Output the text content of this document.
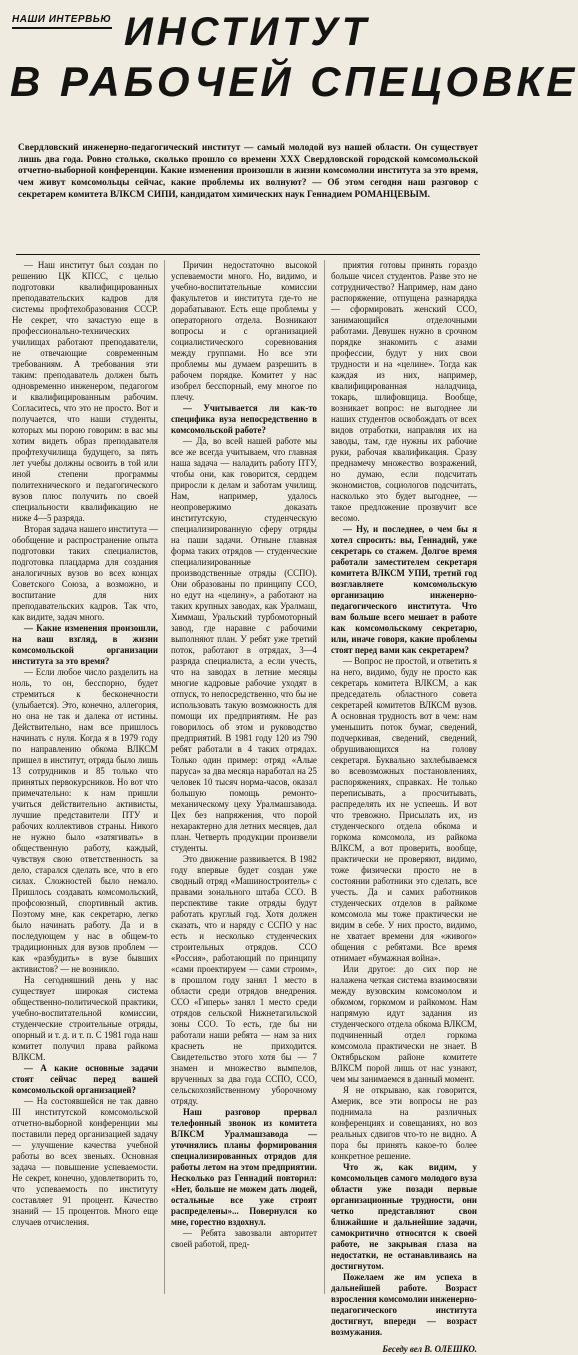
НАШИ ИНТЕРВЬЮ ИНСТИТУТ
В РАБОЧЕЙ СПЕЦОВКЕ

Свердловский инженерно-педагогический институт — самый молодой вуз нашей области. Он существует лишь два года. Ровно столько, сколько прошло со времени XXX Свердловской городской комсомольской отчетно-выборной конференции. Какие изменения произошли в жизни комсомолии института за это время, чем живут комсомольцы сейчас, какие проблемы их волнуют? — Об этом сегодня наш разговор с секретарем комитета ВЛКСМ СИПИ, кандидатом химических наук Геннадием РОМАНЦЕВЫМ.

— Наш институт был создан по решению ЦК КПСС, с целью подготовки квалифицированных преподавательских кадров для системы профтехобразования СССР. Не секрет, что зачастую еще в профессионально-технических училищах работают преподаватели, не отвечающие современным требованиям. А требования эти таким: преподаватель должен быть одновременно инженером, педагогом и квалифицированным рабочим. Согласитесь, что это не просто. Вот и получается, что наши студенты, которых мы порою говорим: в вас мы хотим видеть образ преподавателя профтехучилища будущего, за пять лет учебы должны освоить в той или иной степени программы политехнического и педагогического вузов плюс получить по своей специальности квалификацию не ниже 4—5 разряда.

Вторая задача нашего института — обобщение и распространение опыта подготовки таких специалистов, подготовка плацдарма для создания аналогичных вузов во всех концах Советского Союза, а возможно, и воспитание для них преподавательских кадров. Так что, как видите, задач много.

— Какие изменения произошли, на ваш взгляд, в жизни комсомольской организации института за это время?

— Если любое число разделить на ноль, то он, бесспорно, будет стремиться к бесконечности (улыбается). Это, конечно, аллегория, но она не так и далека от истины. Действительно, нам все пришлось начинать с нуля. Когда я в 1979 году по направлению обкома ВЛКСМ пришел в институт, отряда было лишь 13 сотрудников и 85 только что принятых первокурсников. Но вот что примечательно: к нам пришли учиться действительно активисты, лучшие представители ПТУ и рабочих коллективов страны. Никого не нужно было «затягивать» в общественную работу, каждый, чувствуя свою ответственность за дело, старался сделать все, что в его силах. Сложностей было немало. Пришлось создавать комсомольский, профсоюзный, спортивный актив. Поэтому мне, как секретарю, легко было начинать работу. Да и в последующем у нас в общем-то традиционных для вузов проблем — как «разбудить» в вузе бывших активистов? — не возникло.

На сегодняшний день у нас существует широкая система общественно-политической практики, учебно-воспитательной комиссии, студенческие строительные отряды, опорный и т. д. и т. п. С 1981 года наш комитет получил права райкома ВЛКСМ.

— А какие основные задачи стоят сейчас перед вашей комсомольской организацией?

— На состоявшейся не так давно III институтской комсомольской отчетно-выборной конференции мы поставили перед организацией задачу — улучшение качества учебной работы во всех звеньях. Основная задача — повышение успеваемости. Не секрет, конечно, удовлетворить то, что успеваемость по институту составляет 91 процент. Качество знаний — 15 процентов. Много еще случаев отчисления.

Причин недостаточно высокой успеваемости много. Но, видимо, и учебно-воспитательные комиссии факультетов и института где-то не дорабатывают. Есть еще проблемы у операторного отдела. Возникают вопросы и с организацией социалистического соревнования между группами. Но все эти проблемы мы думаем разрешить в рабочем порядке. Комитет у нас изобрел бесспорный, ему многое по плечу.

— Учитывается ли как-то специфика вуза непосредственно в комсомольской работе?

— Да, во всей нашей работе мы все же всегда учитываем, что главная наша задача — наладить работу ПТУ, чтобы они, как говорится, сердцем приросли к делам и заботам училищ. Нам, например, удалось неопровержимо доказать институтскую, студенческую специализированную сферу отряды на паши задачи. Отныне главная форма таких отрядов — студенческие специализированные производственные отряды (ССПО). Они образованы по принципу ССО, но едут на «целину», а работают на таких крупных заводах, как Уралмаш, Химмаш, Уральский турбомоторный завод, где наравне с рабочими выполняют план. У ребят уже третий поток, работают в отрядах, 3—4 разряда специалиста, а если учесть, что на заводах в летние месяцы многие кадровые рабочие уходят в отпуск, то непосредственно, что бы не использовать такую возможность для помощи их предприятиям. Не раз говорилось об этом и руководство предприятий. В 1981 году 120 из 790 ребят работали в 4 таких отрядах. Только один пример: отряд «Алые паруса» за два месяца наработал на 25 человек 10 тысяч норма-часов, оказал большую помощь ремонто-механическому цеху Уралмашзавода. Цех без напряжения, что порой нехарактерно для летних месяцев, дал план. Четверть продукции произвели студенты.

Это движение развивается. В 1982 году впервые будет создан уже сводный отряд «Машиностроитель» с правами зонального штаба ССО. В перспективе такие отряды будут работать круглый год. Хотя должен сказать, что и наряду с ССПО у нас есть и несколько студенческих строительных отрядов. ССО «Россия», работающий по принципу «сами проектируем — сами строим», в прошлом году занял 1 место в области среди отрядов внедрения. ССО «Гиперь» занял 1 место среди отрядов сельской Нижнетагильской зоны ССО. То есть, где бы ни работали наши ребята — нам за них краснеть не приходится. Свидетельство этого хотя бы — 7 знамен и множество вымпелов, врученных за два года ССПО, ССО, сельскохозяйственному уборочному отряду.

Наш разговор прервал телефонный звонок из комитета ВЛКСМ Уралмашзавода — уточнялись планы формирования специализированных отрядов для работы летом на этом предприятии. Несколько раз Геннадий повторил: «Нет, больше не можем дать людей, остальные все уже строят распределены»... Повернулся ко мне, горестно вздохнул.

— Ребята завозвали авторитет своей работой, пред-

приятия готовы принять гораздо больше чисел студентов. Разве это не сотрудничество? Например, нам дано распоряжение, отпущена разнарядка — сформировать женский ССО, занимающийся отделочными работами. Девушек нужно в срочном порядке знакомить с азами профессии, будут у них свои трудности и на «целине». Тогда как каждая из них, например, квалифицированная наладчица, токарь, шлифовщица. Вообще, возникает вопрос: не выгоднее ли наших студентов освобождать от всех видов отработки, направляя их на заводы, там, где нужны их рабочие руки, рабочая квалификация. Сразу преднамечу множество возражений, но думаю, если подсчитать экономистов, социологов подсчитать, насколько это будет выгоднее, — такое предложение прозвучит все весомо.

— Ну, и последнее, о чем бы я хотел спросить: вы, Геннадий, уже секретарь со стажем. Долгое время работали заместителем секретаря комитета ВЛКСМ УПИ, третий год возглавляете комсомольскую организацию инженерно-педагогического института. Что вам больше всего мешает в работе как комсомольскому секретарю, или, иначе говоря, какие проблемы стоят перед вами как секретарем?

— Вопрос не простой, и ответить я на него, видимо, буду не просто как секретарь комитета ВЛКСМ, а как председатель областного совета секретарей комитетов ВЛКСМ вузов. А основная трудность вот в чем: нам уменьшить поток бумаг, сведений, подчеркивая, сведений, сведений, обрушивающихся на голову секретаря. Буквально захлебываемся во всевозможных постановлениях, распоряжениях, справках. Не только переписывать, а просчитывать, распределять их не успеешь. И вот что тревожно. Присылать их, из студенческого отдела обкома и горкома комсомола, из райкома ВЛКСМ, а вот проверить, вообще, практически не проверяют, видимо, тоже физически просто не в состоянии работники это сделать, все учесть. Да и самих работников студенческих отделов в райкоме комсомола мы тоже практически не видим в себе. У них просто, видимо, не хватает времени для «живого» общения с ребятами. Все время отнимает «бумажная война».

Или другое: до сих пор не налажена четкая система взаимосвязи между вузовским комсомолом и обкомом, горкомом и райкомом. Нам напрямую идут задания из студенческого отдела обкома ВЛКСМ, подчиненный отдел горкома комсомола практически не знает. В Октябрьском районе комитете ВЛКСМ порой лишь от нас узнают, чем мы занимаемся в данный момент.

Я не открываю, как говорится, Америк, все эти вопросы не раз поднимала на различных конференциях и совещаниях, но воз реальных сдвигов что-то не видно. А пора бы принять какое-то более конкретное решение.

Что ж, как видим, у комсомольцев самого молодого вуза области уже позади первые организационные трудности, они четко представляют свои ближайшие и дальнейшие задачи, самокритично относятся к своей работе, не закрывая глаза на недостатки, не останавливаясь на достигнутом.

Пожелаем же им успеха в дальнейшей работе. Возраст взросления комсомолии инженерно-педагогического института достигнут, впереди — возраст возмужания.

Беседу вел В. ОЛЕШКО.
